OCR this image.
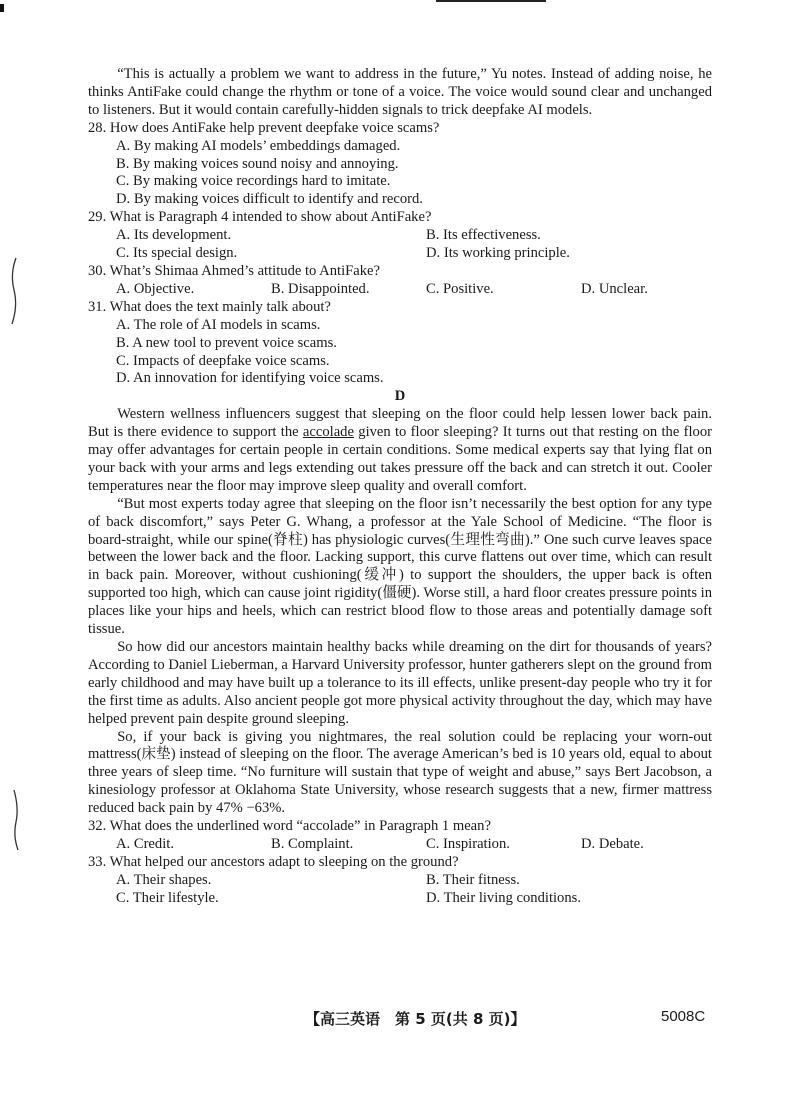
“This is actually a problem we want to address in the future,” Yu notes. Instead of adding noise, he thinks AntiFake could change the rhythm or tone of a voice. The voice would sound clear and unchanged to listeners. But it would contain carefully-hidden signals to trick deepfake AI models.

28. How does AntiFake help prevent deepfake voice scams?

A. By making AI models’ embeddings damaged.

B. By making voices sound noisy and annoying.

C. By making voice recordings hard to imitate.

D. By making voices difficult to identify and record.

29. What is Paragraph 4 intended to show about AntiFake?

A. Its development.	B. Its effectiveness.
C. Its special design.	D. Its working principle.

30. What’s Shimaa Ahmed’s attitude to AntiFake?

A. Objective.	B. Disappointed.	C. Positive.	D. Unclear.

31. What does the text mainly talk about?

A. The role of AI models in scams.

B. A new tool to prevent voice scams.

C. Impacts of deepfake voice scams.

D. An innovation for identifying voice scams.

D

Western wellness influencers suggest that sleeping on the floor could help lessen lower back pain. But is there evidence to support the accolade given to floor sleeping? It turns out that resting on the floor may offer advantages for certain people in certain conditions. Some medical experts say that lying flat on your back with your arms and legs extending out takes pressure off the back and can stretch it out. Cooler temperatures near the floor may improve sleep quality and overall comfort.

“But most experts today agree that sleeping on the floor isn’t necessarily the best option for any type of back discomfort,” says Peter G. Whang, a professor at the Yale School of Medicine. “The floor is board-straight, while our spine(脊柱) has physiologic curves(生理性弯曲).” One such curve leaves space between the lower back and the floor. Lacking support, this curve flattens out over time, which can result in back pain. Moreover, without cushioning(缓冲) to support the shoulders, the upper back is often supported too high, which can cause joint rigidity(僵硬). Worse still, a hard floor creates pressure points in places like your hips and heels, which can restrict blood flow to those areas and potentially damage soft tissue.

So how did our ancestors maintain healthy backs while dreaming on the dirt for thousands of years? According to Daniel Lieberman, a Harvard University professor, hunter gatherers slept on the ground from early childhood and may have built up a tolerance to its ill effects, unlike present-day people who try it for the first time as adults. Also ancient people got more physical activity throughout the day, which may have helped prevent pain despite ground sleeping.

So, if your back is giving you nightmares, the real solution could be replacing your worn-out mattress(床垫) instead of sleeping on the floor. The average American’s bed is 10 years old, equal to about three years of sleep time. “No furniture will sustain that type of weight and abuse,” says Bert Jacobson, a kinesiology professor at Oklahoma State University, whose research suggests that a new, firmer mattress reduced back pain by 47% −63%.

32. What does the underlined word “accolade” in Paragraph 1 mean?

A. Credit.	B. Complaint.	C. Inspiration.	D. Debate.

33. What helped our ancestors adapt to sleeping on the ground?

A. Their shapes.	B. Their fitness.
C. Their lifestyle.	D. Their living conditions.
【高三英语　第 5 页(共 8 页)】	5008C
